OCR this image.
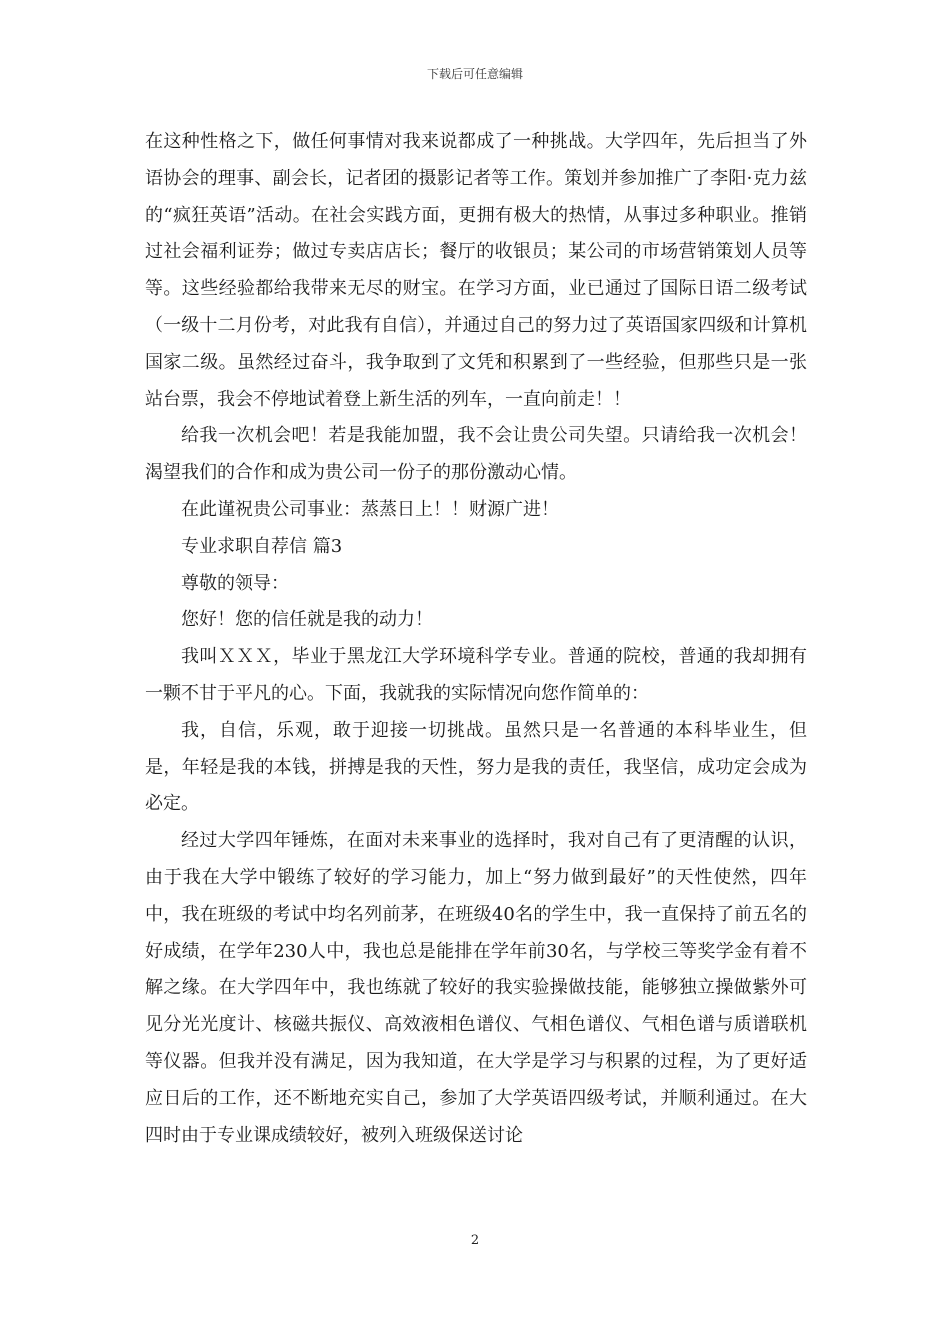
下载后可任意编辑

在这种性格之下，做任何事情对我来说都成了一种挑战。大学四年，先后担当了外语协会的理事、副会长，记者团的摄影记者等工作。策划并参加推广了李阳·克力兹的“疯狂英语”活动。在社会实践方面，更拥有极大的热情，从事过多种职业。推销过社会福利证券；做过专卖店店长；餐厅的收银员；某公司的市场营销策划人员等等。这些经验都给我带来无尽的财宝。在学习方面，业已通过了国际日语二级考试（一级十二月份考，对此我有自信），并通过自己的努力过了英语国家四级和计算机国家二级。虽然经过奋斗，我争取到了文凭和积累到了一些经验，但那些只是一张站台票，我会不停地试着登上新生活的列车，一直向前走！！

给我一次机会吧！若是我能加盟，我不会让贵公司失望。只请给我一次机会！渴望我们的合作和成为贵公司一份子的那份激动心情。

在此谨祝贵公司事业：蒸蒸日上！！财源广进！

专业求职自荐信 篇3

尊敬的领导：

您好！您的信任就是我的动力！

我叫ＸＸＸ，毕业于黑龙江大学环境科学专业。普通的院校，普通的我却拥有一颗不甘于平凡的心。下面，我就我的实际情况向您作简单的：

我，自信，乐观，敢于迎接一切挑战。虽然只是一名普通的本科毕业生，但是，年轻是我的本钱，拼搏是我的天性，努力是我的责任，我坚信，成功定会成为必定。

经过大学四年锤炼，在面对未来事业的选择时，我对自己有了更清醒的认识，由于我在大学中锻练了较好的学习能力，加上“努力做到最好”的天性使然，四年中，我在班级的考试中均名列前茅，在班级40名的学生中，我一直保持了前五名的好成绩，在学年230人中，我也总是能排在学年前30名，与学校三等奖学金有着不解之缘。在大学四年中，我也练就了较好的我实验操做技能，能够独立操做紫外可见分光光度计、核磁共振仪、高效液相色谱仪、气相色谱仪、气相色谱与质谱联机等仪器。但我并没有满足，因为我知道，在大学是学习与积累的过程，为了更好适应日后的工作，还不断地充实自己，参加了大学英语四级考试，并顺利通过。在大四时由于专业课成绩较好，被列入班级保送讨论

2
